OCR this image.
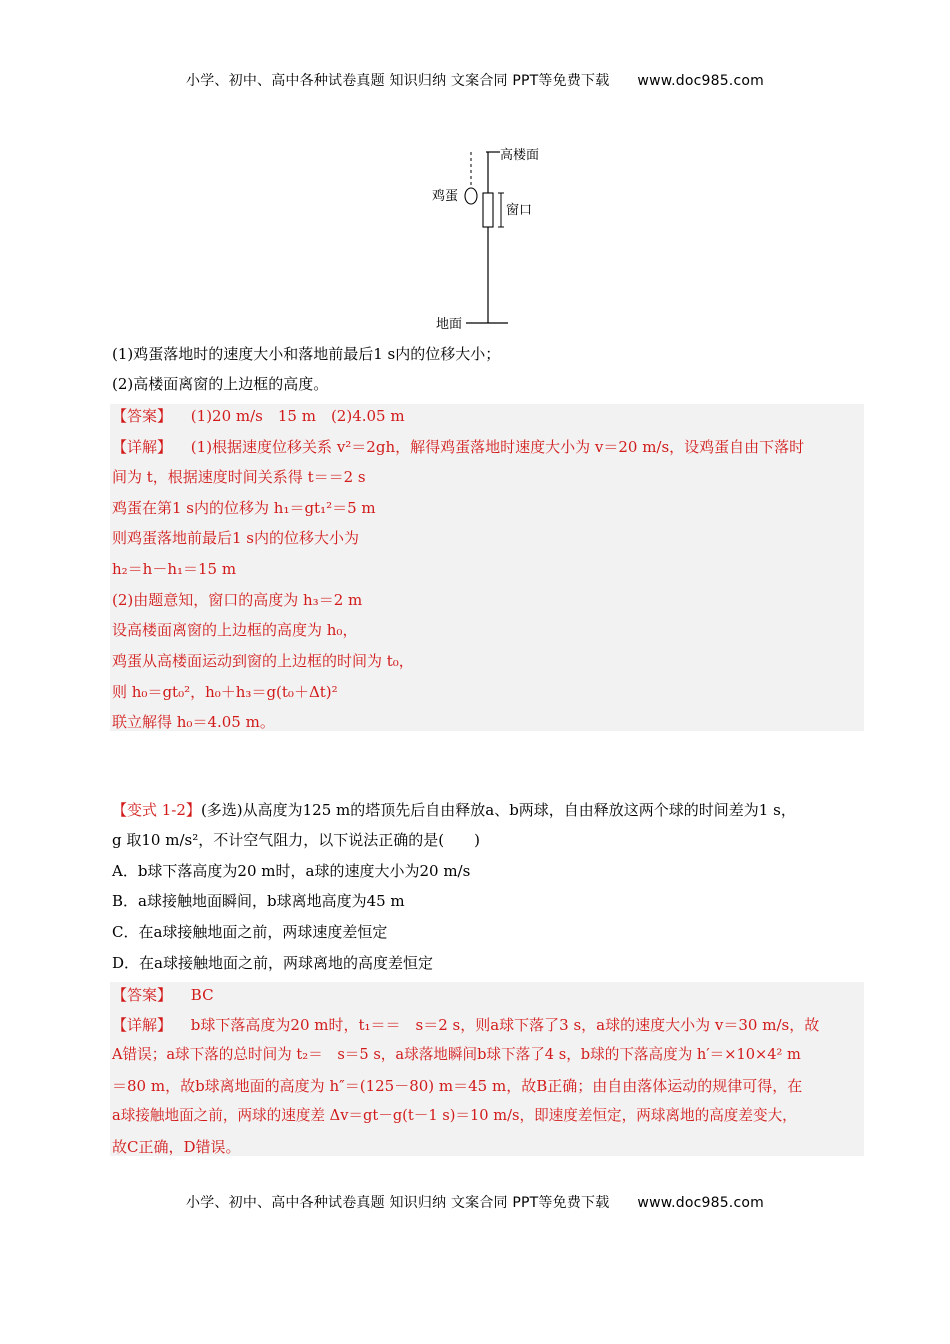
小学、初中、高中各种试卷真题 知识归纳 文案合同 PPT等免费下载 www.doc985.com
高楼面
鸡蛋
窗口
地面
(1)鸡蛋落地时的速度大小和落地前最后1 s内的位移大小；
(2)高楼面离窗的上边框的高度。
【答案】 (1)20 m/s　15 m　(2)4.05 m
【详解】 (1)根据速度位移关系 v²＝2gh，解得鸡蛋落地时速度大小为 v＝20 m/s，设鸡蛋自由下落时
间为 t，根据速度时间关系得 t＝＝2 s
鸡蛋在第1 s内的位移为 h₁＝gt₁²＝5 m
则鸡蛋落地前最后1 s内的位移大小为
h₂＝h－h₁＝15 m
(2)由题意知，窗口的高度为 h₃＝2 m
设高楼面离窗的上边框的高度为 h₀，
鸡蛋从高楼面运动到窗的上边框的时间为 t₀，
则 h₀＝gt₀²，h₀＋h₃＝g(t₀＋Δt)²
联立解得 h₀＝4.05 m。
【变式 1-2】(多选)从高度为125 m的塔顶先后自由释放a、b两球，自由释放这两个球的时间差为1 s，
g 取10 m/s²，不计空气阻力，以下说法正确的是(　　)
A．b球下落高度为20 m时，a球的速度大小为20 m/s
B．a球接触地面瞬间，b球离地高度为45 m
C．在a球接触地面之前，两球速度差恒定
D．在a球接触地面之前，两球离地的高度差恒定
【答案】 BC
【详解】 b球下落高度为20 m时，t₁＝＝　s＝2 s，则a球下落了3 s，a球的速度大小为 v＝30 m/s，故
A错误；a球下落的总时间为 t₂＝　s＝5 s，a球落地瞬间b球下落了4 s，b球的下落高度为 h′＝×10×4² m
＝80 m，故b球离地面的高度为 h″＝(125－80) m＝45 m，故B正确；由自由落体运动的规律可得，在
a球接触地面之前，两球的速度差 Δv＝gt－g(t－1 s)＝10 m/s，即速度差恒定，两球离地的高度差变大，
故C正确，D错误。
小学、初中、高中各种试卷真题 知识归纳 文案合同 PPT等免费下载 www.doc985.com
